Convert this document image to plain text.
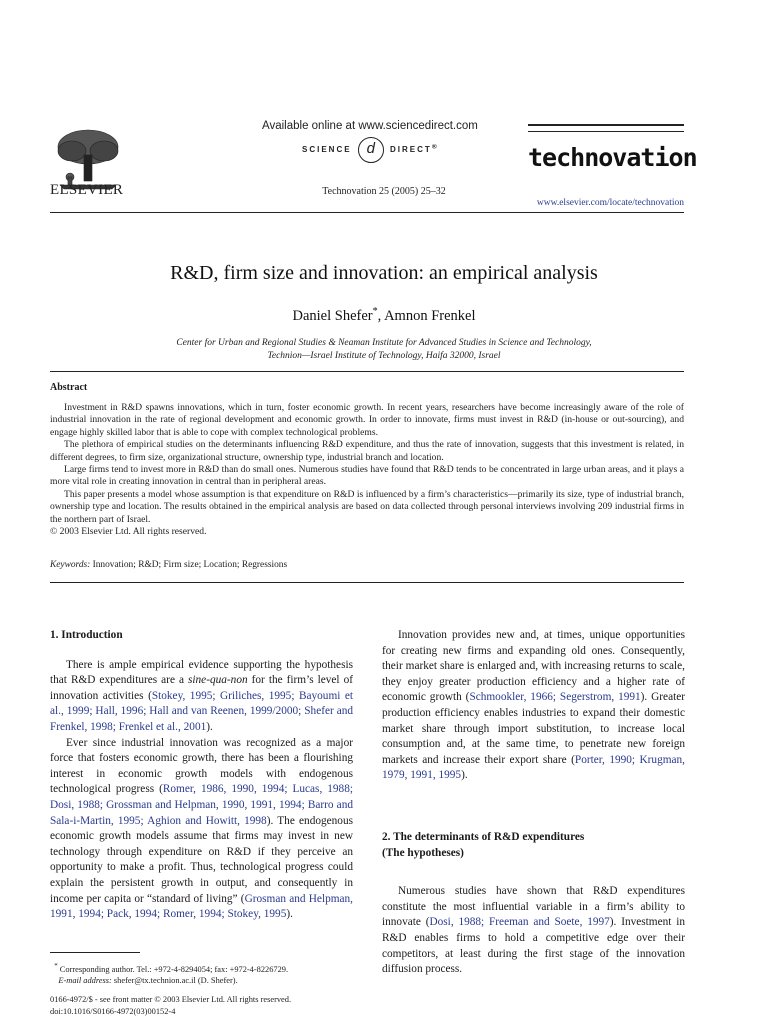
ELSEVIER
Available online at www.sciencedirect.com
SCIENCE d DIRECT®
Technovation 25 (2005) 25–32
technovation
www.elsevier.com/locate/technovation
R&D, firm size and innovation: an empirical analysis
Daniel Shefer*, Amnon Frenkel
Center for Urban and Regional Studies & Neaman Institute for Advanced Studies in Science and Technology,
Technion—Israel Institute of Technology, Haifa 32000, Israel
Abstract

Investment in R&D spawns innovations, which in turn, foster economic growth. In recent years, researchers have become increasingly aware of the role of industrial innovation in the rate of regional development and economic growth. In order to innovate, firms must invest in R&D (in-house or out-sourcing), and engage highly skilled labor that is able to cope with complex technological problems.

The plethora of empirical studies on the determinants influencing R&D expenditure, and thus the rate of innovation, suggests that this investment is related, in different degrees, to firm size, organizational structure, ownership type, industrial branch and location.

Large firms tend to invest more in R&D than do small ones. Numerous studies have found that R&D tends to be concentrated in large urban areas, and it plays a more vital role in creating innovation in central than in peripheral areas.

This paper presents a model whose assumption is that expenditure on R&D is influenced by a firm’s characteristics—primarily its size, type of industrial branch, ownership type and location. The results obtained in the empirical analysis are based on data collected through personal interviews involving 209 industrial firms in the northern part of Israel.

© 2003 Elsevier Ltd. All rights reserved.

Keywords: Innovation; R&D; Firm size; Location; Regressions

1. Introduction

There is ample empirical evidence supporting the hypothesis that R&D expenditures are a sine-qua-non for the firm’s level of innovation activities (Stokey, 1995; Griliches, 1995; Bayoumi et al., 1999; Hall, 1996; Hall and van Reenen, 1999/2000; Shefer and Frenkel, 1998; Frenkel et al., 2001).

Ever since industrial innovation was recognized as a major force that fosters economic growth, there has been a flourishing interest in economic growth models with endogenous technological progress (Romer, 1986, 1990, 1994; Lucas, 1988; Dosi, 1988; Grossman and Helpman, 1990, 1991, 1994; Barro and Sala-i-Martin, 1995; Aghion and Howitt, 1998). The endogenous economic growth models assume that firms may invest in new technology through expenditure on R&D if they perceive an opportunity to make a profit. Thus, technological progress could explain the persistent growth in output, and consequently in income per capita or “standard of living” (Grosman and Helpman, 1991, 1994; Pack, 1994; Romer, 1994; Stokey, 1995).

Innovation provides new and, at times, unique opportunities for creating new firms and expanding old ones. Consequently, their market share is enlarged and, with increasing returns to scale, they enjoy greater production efficiency and a higher rate of economic growth (Schmookler, 1966; Segerstrom, 1991). Greater production efficiency enables industries to expand their domestic market share through import substitution, to increase local consumption and, at the same time, to penetrate new foreign markets and increase their export share (Porter, 1990; Krugman, 1979, 1991, 1995).

2. The determinants of R&D expenditures
(The hypotheses)

Numerous studies have shown that R&D expenditures constitute the most influential variable in a firm’s ability to innovate (Dosi, 1988; Freeman and Soete, 1997). Investment in R&D enables firms to hold a competitive edge over their competitors, at least during the first stage of the innovation diffusion process.

* Corresponding author. Tel.: +972-4-8294054; fax: +972-4-8226729.
E-mail address: shefer@tx.technion.ac.il (D. Shefer).
0166-4972/$ - see front matter © 2003 Elsevier Ltd. All rights reserved.
doi:10.1016/S0166-4972(03)00152-4
